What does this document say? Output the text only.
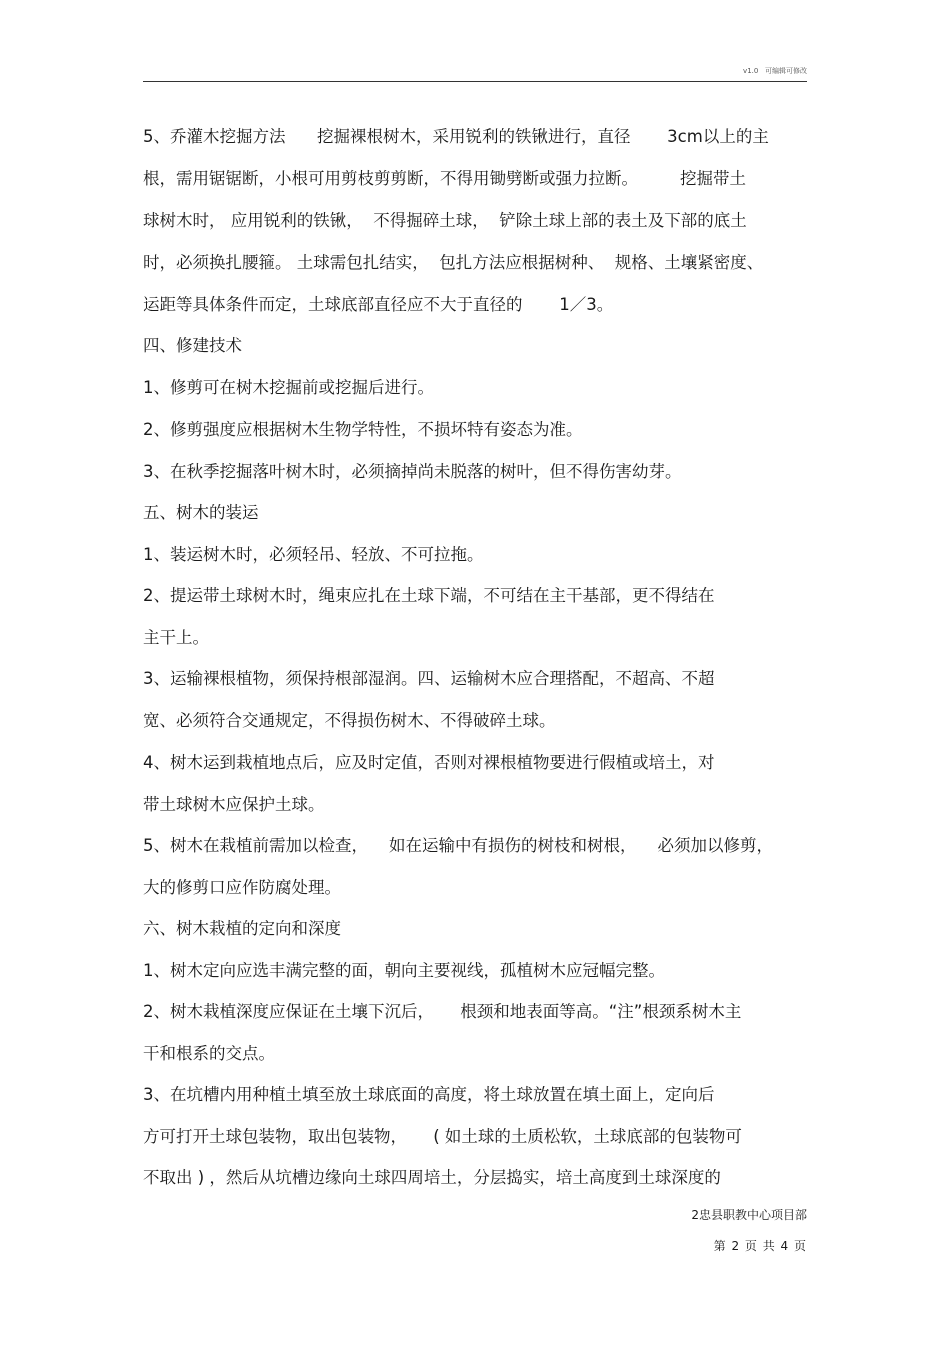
v1.0   可编辑可修改
5、乔灌木挖掘方法      挖掘裸根树木，采用锐利的铁锹进行，直径       3cm以上的主
根，需用锯锯断，小根可用剪枝剪剪断，不得用锄劈断或强力拉断。        挖掘带土
球树木时， 应用锐利的铁锹，  不得掘碎土球，  铲除土球上部的表土及下部的底土
时，必须换扎腰箍。 土球需包扎结实，  包扎方法应根据树种、  规格、土壤紧密度、
运距等具体条件而定，土球底部直径应不大于直径的       1／3。
四、修建技术
1、修剪可在树木挖掘前或挖掘后进行。
2、修剪强度应根据树木生物学特性，不损坏特有姿态为准。
3、在秋季挖掘落叶树木时，必须摘掉尚未脱落的树叶，但不得伤害幼芽。
五、树木的装运
1、装运树木时，必须轻吊、轻放、不可拉拖。
2、提运带土球树木时，绳束应扎在土球下端，不可结在主干基部，更不得结在
主干上。
3、运输裸根植物，须保持根部湿润。四、运输树木应合理搭配，不超高、不超
宽、必须符合交通规定，不得损伤树木、不得破碎土球。
4、树木运到栽植地点后，应及时定值，否则对裸根植物要进行假植或培土，对
带土球树木应保护土球。
5、树木在栽植前需加以检查，    如在运输中有损伤的树枝和树根，    必须加以修剪，
大的修剪口应作防腐处理。
六、树木栽植的定向和深度
1、树木定向应选丰满完整的面，朝向主要视线，孤植树木应冠幅完整。
2、树木栽植深度应保证在土壤下沉后，     根颈和地表面等高。“注”根颈系树木主
干和根系的交点。
3、在坑槽内用种植土填至放土球底面的高度，将土球放置在填土面上，定向后
方可打开土球包装物，取出包装物，     ( 如土球的土质松软，土球底部的包装物可
不取出 ) ，然后从坑槽边缘向土球四周培土，分层捣实，培土高度到土球深度的
2忠县职教中心项目部
第 2 页 共 4 页
